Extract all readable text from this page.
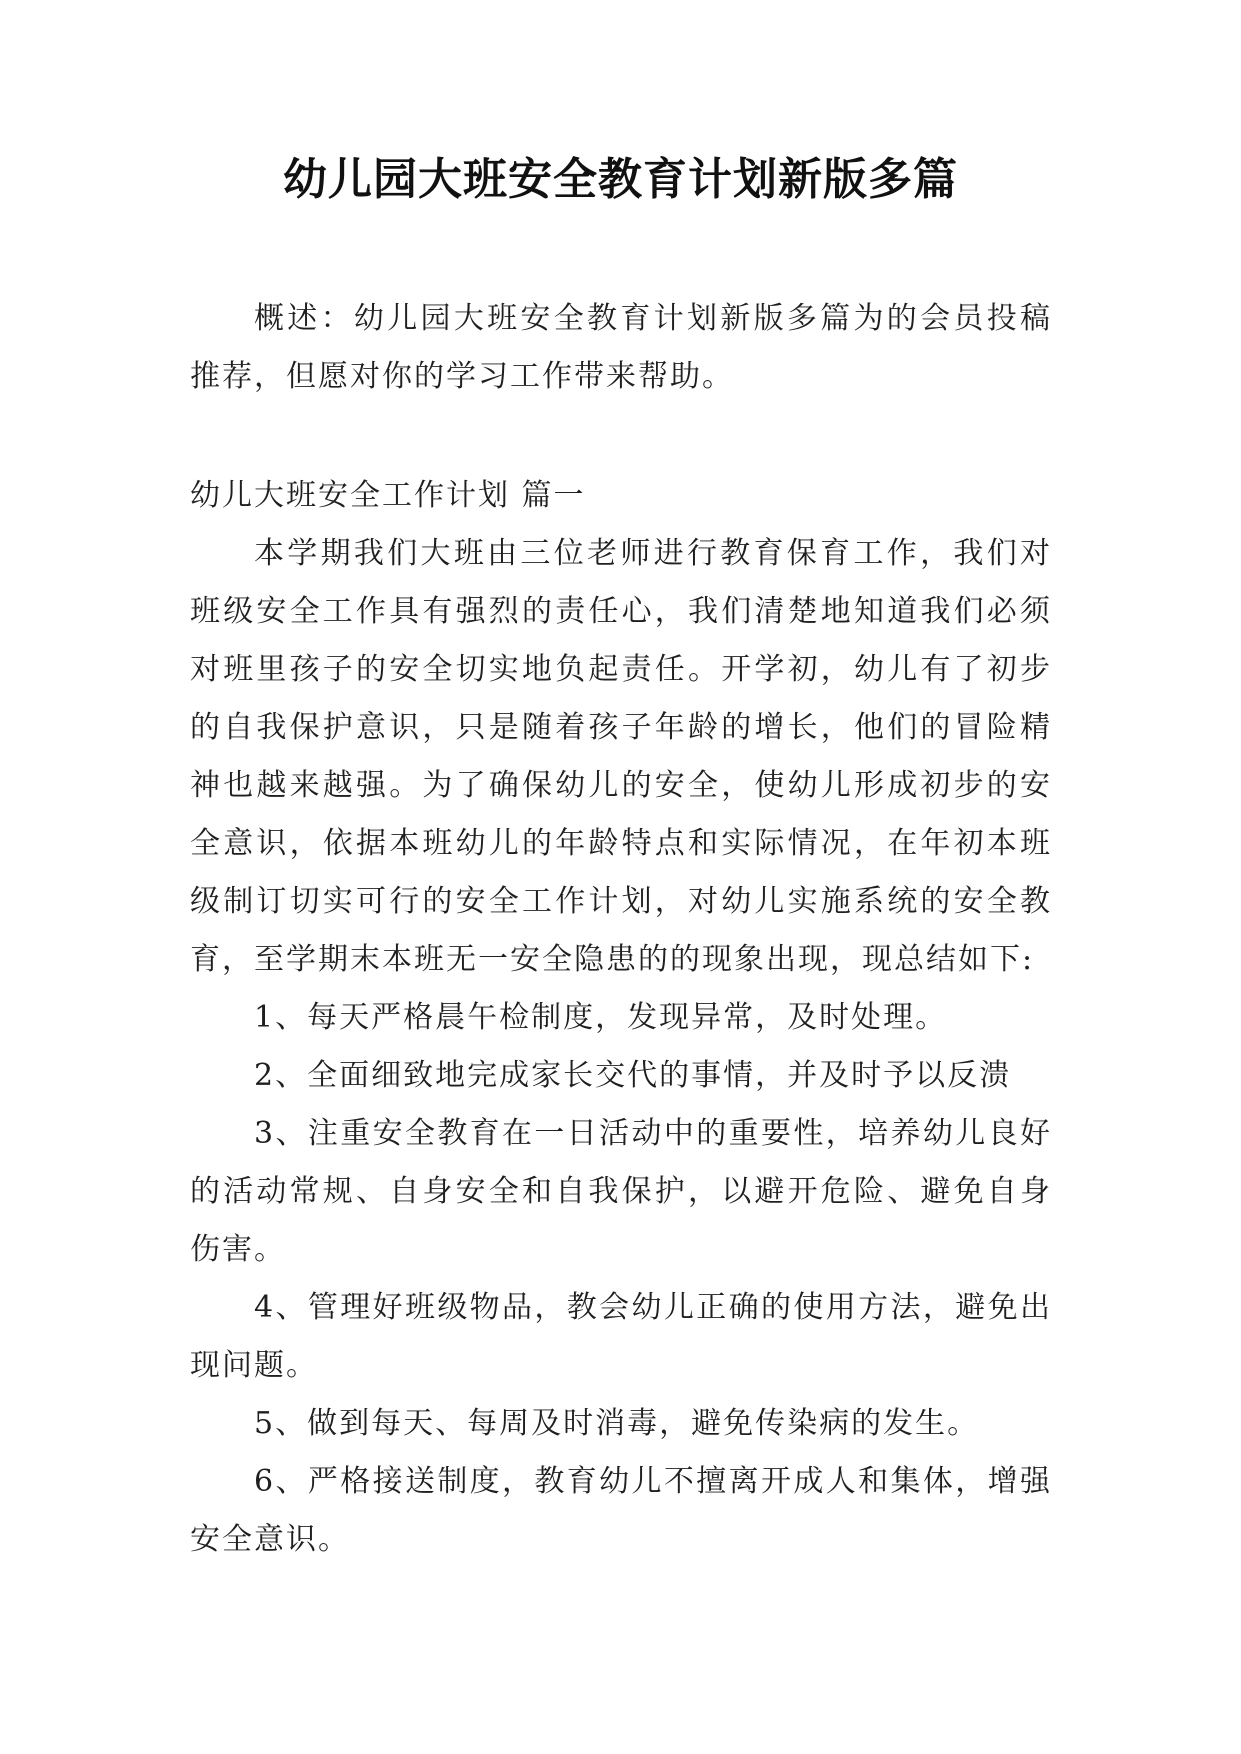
幼儿园大班安全教育计划新版多篇

概述：幼儿园大班安全教育计划新版多篇为的会员投稿推荐，但愿对你的学习工作带来帮助。

幼儿大班安全工作计划 篇一

本学期我们大班由三位老师进行教育保育工作，我们对班级安全工作具有强烈的责任心，我们清楚地知道我们必须对班里孩子的安全切实地负起责任。开学初，幼儿有了初步的自我保护意识，只是随着孩子年龄的增长，他们的冒险精神也越来越强。为了确保幼儿的安全，使幼儿形成初步的安全意识，依据本班幼儿的年龄特点和实际情况，在年初本班级制订切实可行的安全工作计划，对幼儿实施系统的安全教育，至学期末本班无一安全隐患的的现象出现，现总结如下:

1、每天严格晨午检制度，发现异常，及时处理。

2、全面细致地完成家长交代的事情，并及时予以反溃

3、注重安全教育在一日活动中的重要性，培养幼儿良好的活动常规、自身安全和自我保护，以避开危险、避免自身伤害。

4、管理好班级物品，教会幼儿正确的使用方法，避免出现问题。

5、做到每天、每周及时消毒，避免传染病的发生。

6、严格接送制度，教育幼儿不擅离开成人和集体，增强安全意识。
